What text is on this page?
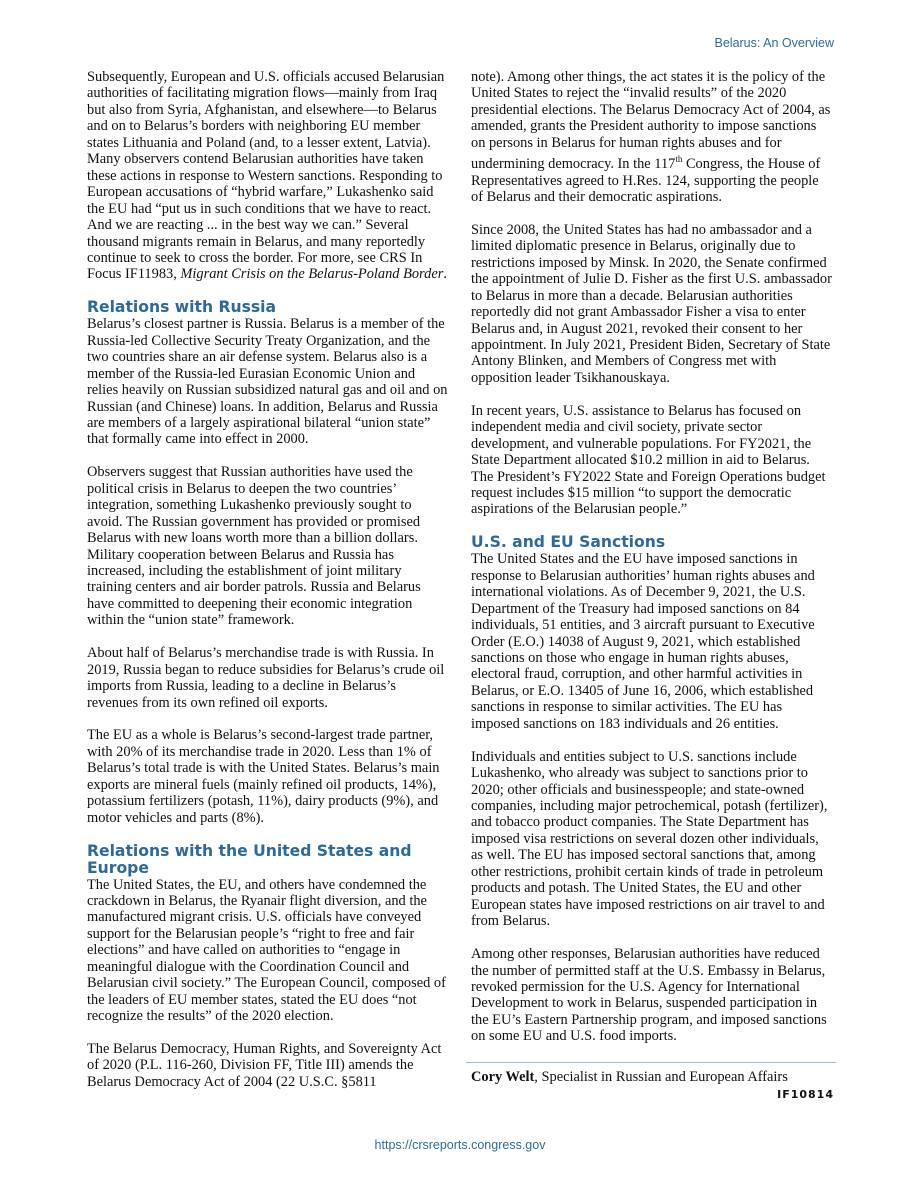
Belarus: An Overview

Subsequently, European and U.S. officials accused Belarusian authorities of facilitating migration flows—mainly from Iraq but also from Syria, Afghanistan, and elsewhere—to Belarus and on to Belarus’s borders with neighboring EU member states Lithuania and Poland (and, to a lesser extent, Latvia). Many observers contend Belarusian authorities have taken these actions in response to Western sanctions. Responding to European accusations of “hybrid warfare,” Lukashenko said the EU had “put us in such conditions that we have to react. And we are reacting ... in the best way we can.” Several thousand migrants remain in Belarus, and many reportedly continue to seek to cross the border. For more, see CRS In Focus IF11983, Migrant Crisis on the Belarus-Poland Border.

Relations with Russia

Belarus’s closest partner is Russia. Belarus is a member of the Russia-led Collective Security Treaty Organization, and the two countries share an air defense system. Belarus also is a member of the Russia-led Eurasian Economic Union and relies heavily on Russian subsidized natural gas and oil and on Russian (and Chinese) loans. In addition, Belarus and Russia are members of a largely aspirational bilateral “union state” that formally came into effect in 2000.

Observers suggest that Russian authorities have used the political crisis in Belarus to deepen the two countries’ integration, something Lukashenko previously sought to avoid. The Russian government has provided or promised Belarus with new loans worth more than a billion dollars. Military cooperation between Belarus and Russia has increased, including the establishment of joint military training centers and air border patrols. Russia and Belarus have committed to deepening their economic integration within the “union state” framework.

About half of Belarus’s merchandise trade is with Russia. In 2019, Russia began to reduce subsidies for Belarus’s crude oil imports from Russia, leading to a decline in Belarus’s revenues from its own refined oil exports.

The EU as a whole is Belarus’s second-largest trade partner, with 20% of its merchandise trade in 2020. Less than 1% of Belarus’s total trade is with the United States. Belarus’s main exports are mineral fuels (mainly refined oil products, 14%), potassium fertilizers (potash, 11%), dairy products (9%), and motor vehicles and parts (8%).

Relations with the United States and Europe

The United States, the EU, and others have condemned the crackdown in Belarus, the Ryanair flight diversion, and the manufactured migrant crisis. U.S. officials have conveyed support for the Belarusian people’s “right to free and fair elections” and have called on authorities to “engage in meaningful dialogue with the Coordination Council and Belarusian civil society.” The European Council, composed of the leaders of EU member states, stated the EU does “not recognize the results” of the 2020 election.

The Belarus Democracy, Human Rights, and Sovereignty Act of 2020 (P.L. 116-260, Division FF, Title III) amends the Belarus Democracy Act of 2004 (22 U.S.C. §5811

note). Among other things, the act states it is the policy of the United States to reject the “invalid results” of the 2020 presidential elections. The Belarus Democracy Act of 2004, as amended, grants the President authority to impose sanctions on persons in Belarus for human rights abuses and for undermining democracy. In the 117th Congress, the House of Representatives agreed to H.Res. 124, supporting the people of Belarus and their democratic aspirations.

Since 2008, the United States has had no ambassador and a limited diplomatic presence in Belarus, originally due to restrictions imposed by Minsk. In 2020, the Senate confirmed the appointment of Julie D. Fisher as the first U.S. ambassador to Belarus in more than a decade. Belarusian authorities reportedly did not grant Ambassador Fisher a visa to enter Belarus and, in August 2021, revoked their consent to her appointment. In July 2021, President Biden, Secretary of State Antony Blinken, and Members of Congress met with opposition leader Tsikhanouskaya.

In recent years, U.S. assistance to Belarus has focused on independent media and civil society, private sector development, and vulnerable populations. For FY2021, the State Department allocated $10.2 million in aid to Belarus. The President’s FY2022 State and Foreign Operations budget request includes $15 million “to support the democratic aspirations of the Belarusian people.”

U.S. and EU Sanctions

The United States and the EU have imposed sanctions in response to Belarusian authorities’ human rights abuses and international violations. As of December 9, 2021, the U.S. Department of the Treasury had imposed sanctions on 84 individuals, 51 entities, and 3 aircraft pursuant to Executive Order (E.O.) 14038 of August 9, 2021, which established sanctions on those who engage in human rights abuses, electoral fraud, corruption, and other harmful activities in Belarus, or E.O. 13405 of June 16, 2006, which established sanctions in response to similar activities. The EU has imposed sanctions on 183 individuals and 26 entities.

Individuals and entities subject to U.S. sanctions include Lukashenko, who already was subject to sanctions prior to 2020; other officials and businesspeople; and state-owned companies, including major petrochemical, potash (fertilizer), and tobacco product companies. The State Department has imposed visa restrictions on several dozen other individuals, as well. The EU has imposed sectoral sanctions that, among other restrictions, prohibit certain kinds of trade in petroleum products and potash. The United States, the EU and other European states have imposed restrictions on air travel to and from Belarus.

Among other responses, Belarusian authorities have reduced the number of permitted staff at the U.S. Embassy in Belarus, revoked permission for the U.S. Agency for International Development to work in Belarus, suspended participation in the EU’s Eastern Partnership program, and imposed sanctions on some EU and U.S. food imports.

Cory Welt, Specialist in Russian and European Affairs
IF10814
https://crsreports.congress.gov
